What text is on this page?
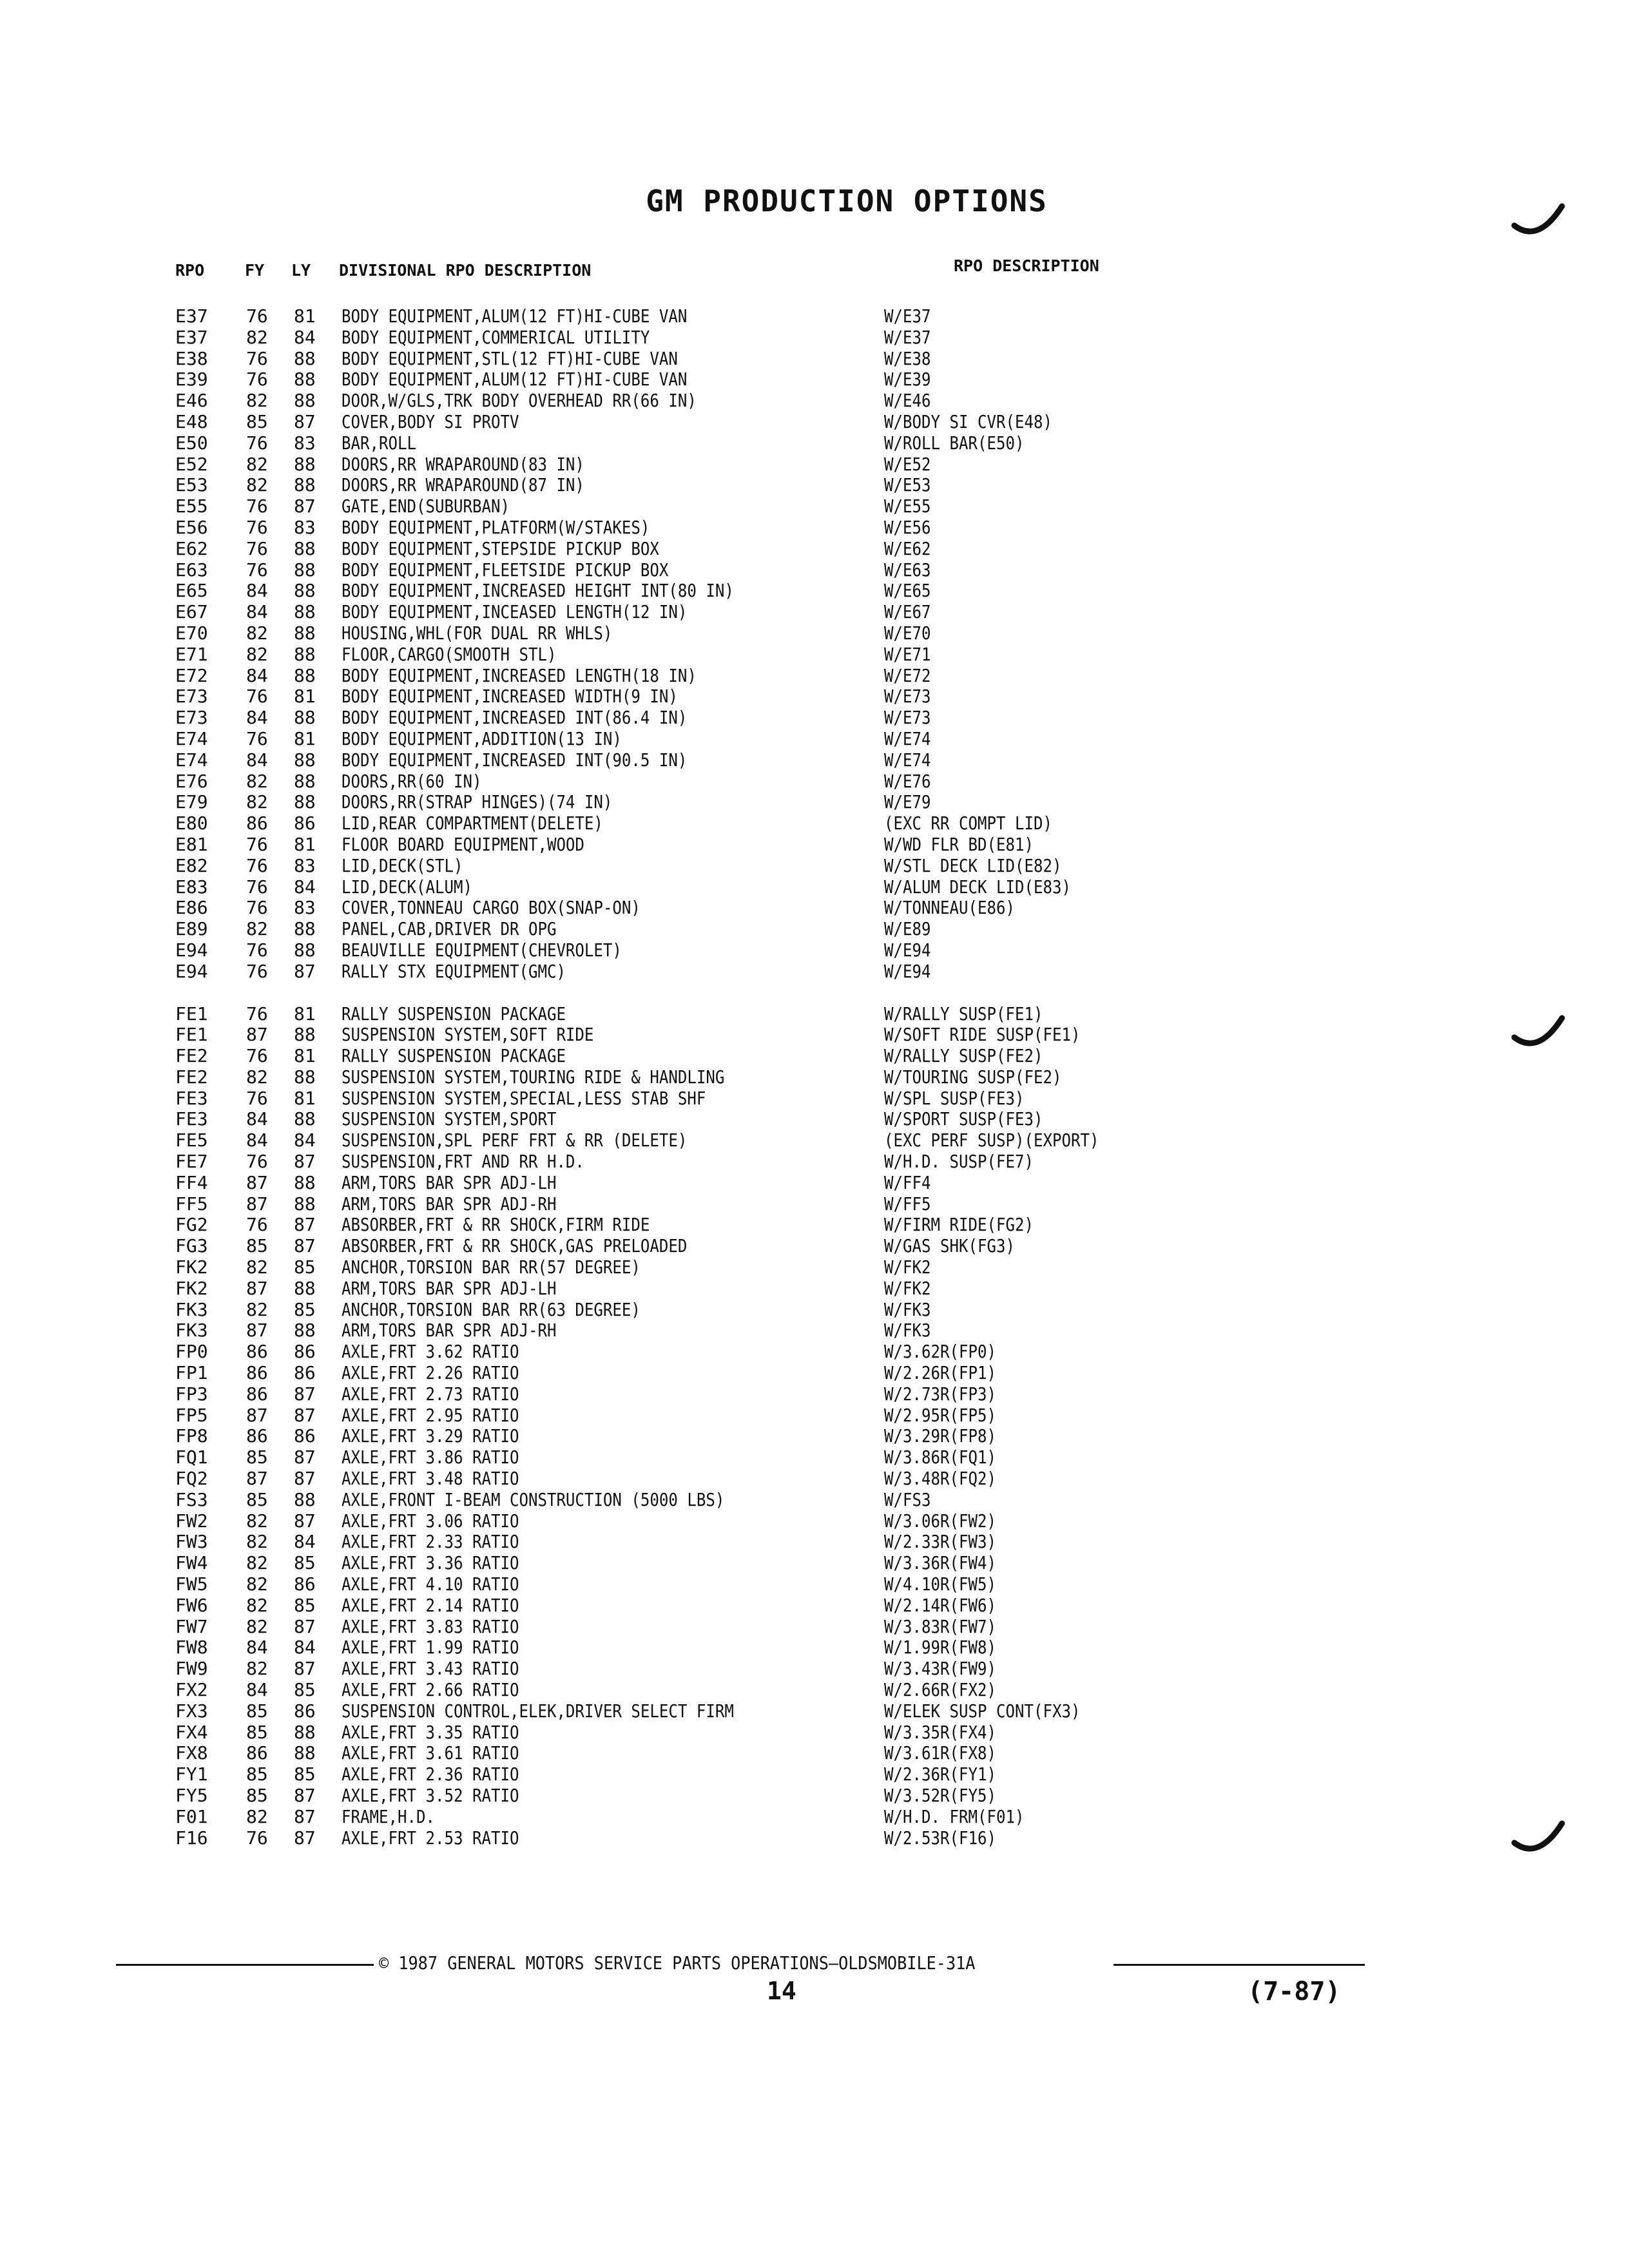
GM PRODUCTION OPTIONS
RPO	FY LY DIVISIONAL RPO DESCRIPTION	RPO DESCRIPTION
E37 76 81 BODY EQUIPMENT,ALUM(12 FT)HI-CUBE VAN	W/E37
E37 82 84 BODY EQUIPMENT,COMMERICAL UTILITY	W/E37
E38 76 88 BODY EQUIPMENT,STL(12 FT)HI-CUBE VAN	W/E38
E39 76 88 BODY EQUIPMENT,ALUM(12 FT)HI-CUBE VAN	W/E39
E46 82 88 DOOR,W/GLS,TRK BODY OVERHEAD RR(66 IN)	W/E46
E48 85 87 COVER,BODY SI PROTV	W/BODY SI CVR(E48)
E50 76 83 BAR,ROLL	W/ROLL BAR(E50)
E52 82 88 DOORS,RR WRAPAROUND(83 IN)	W/E52
E53 82 88 DOORS,RR WRAPAROUND(87 IN)	W/E53
E55 76 87 GATE,END(SUBURBAN)	W/E55
E56 76 83 BODY EQUIPMENT,PLATFORM(W/STAKES)	W/E56
E62 76 88 BODY EQUIPMENT,STEPSIDE PICKUP BOX	W/E62
E63 76 88 BODY EQUIPMENT,FLEETSIDE PICKUP BOX	W/E63
E65 84 88 BODY EQUIPMENT,INCREASED HEIGHT INT(80 IN)	W/E65
E67 84 88 BODY EQUIPMENT,INCEASED LENGTH(12 IN)	W/E67
E70 82 88 HOUSING,WHL(FOR DUAL RR WHLS)	W/E70
E71 82 88 FLOOR,CARGO(SMOOTH STL)	W/E71
E72 84 88 BODY EQUIPMENT,INCREASED LENGTH(18 IN)	W/E72
E73 76 81 BODY EQUIPMENT,INCREASED WIDTH(9 IN)	W/E73
E73 84 88 BODY EQUIPMENT,INCREASED INT(86.4 IN)	W/E73
E74 76 81 BODY EQUIPMENT,ADDITION(13 IN)	W/E74
E74 84 88 BODY EQUIPMENT,INCREASED INT(90.5 IN)	W/E74
E76 82 88 DOORS,RR(60 IN)	W/E76
E79 82 88 DOORS,RR(STRAP HINGES)(74 IN)	W/E79
E80 86 86 LID,REAR COMPARTMENT(DELETE)	(EXC RR COMPT LID)
E81 76 81 FLOOR BOARD EQUIPMENT,WOOD	W/WD FLR BD(E81)
E82 76 83 LID,DECK(STL)	W/STL DECK LID(E82)
E83 76 84 LID,DECK(ALUM)	W/ALUM DECK LID(E83)
E86 76 83 COVER,TONNEAU CARGO BOX(SNAP-ON)	W/TONNEAU(E86)
E89 82 88 PANEL,CAB,DRIVER DR OPG	W/E89
E94 76 88 BEAUVILLE EQUIPMENT(CHEVROLET)	W/E94
E94 76 87 RALLY STX EQUIPMENT(GMC)	W/E94
FE1 76 81 RALLY SUSPENSION PACKAGE	W/RALLY SUSP(FE1)
FE1 87 88 SUSPENSION SYSTEM,SOFT RIDE	W/SOFT RIDE SUSP(FE1)
FE2 76 81 RALLY SUSPENSION PACKAGE	W/RALLY SUSP(FE2)
FE2 82 88 SUSPENSION SYSTEM,TOURING RIDE & HANDLING	W/TOURING SUSP(FE2)
FE3 76 81 SUSPENSION SYSTEM,SPECIAL,LESS STAB SHF	W/SPL SUSP(FE3)
FE3 84 88 SUSPENSION SYSTEM,SPORT	W/SPORT SUSP(FE3)
FE5 84 84 SUSPENSION,SPL PERF FRT & RR (DELETE)	(EXC PERF SUSP)(EXPORT)
FE7 76 87 SUSPENSION,FRT AND RR H.D.	W/H.D. SUSP(FE7)
FF4 87 88 ARM,TORS BAR SPR ADJ-LH	W/FF4
FF5 87 88 ARM,TORS BAR SPR ADJ-RH	W/FF5
FG2 76 87 ABSORBER,FRT & RR SHOCK,FIRM RIDE	W/FIRM RIDE(FG2)
FG3 85 87 ABSORBER,FRT & RR SHOCK,GAS PRELOADED	W/GAS SHK(FG3)
FK2 82 85 ANCHOR,TORSION BAR RR(57 DEGREE)	W/FK2
FK2 87 88 ARM,TORS BAR SPR ADJ-LH	W/FK2
FK3 82 85 ANCHOR,TORSION BAR RR(63 DEGREE)	W/FK3
FK3 87 88 ARM,TORS BAR SPR ADJ-RH	W/FK3
FP0 86 86 AXLE,FRT 3.62 RATIO	W/3.62R(FP0)
FP1 86 86 AXLE,FRT 2.26 RATIO	W/2.26R(FP1)
FP3 86 87 AXLE,FRT 2.73 RATIO	W/2.73R(FP3)
FP5 87 87 AXLE,FRT 2.95 RATIO	W/2.95R(FP5)
FP8 86 86 AXLE,FRT 3.29 RATIO	W/3.29R(FP8)
FQ1 85 87 AXLE,FRT 3.86 RATIO	W/3.86R(FQ1)
FQ2 87 87 AXLE,FRT 3.48 RATIO	W/3.48R(FQ2)
FS3 85 88 AXLE,FRONT I-BEAM CONSTRUCTION (5000 LBS)	W/FS3
FW2 82 87 AXLE,FRT 3.06 RATIO	W/3.06R(FW2)
FW3 82 84 AXLE,FRT 2.33 RATIO	W/2.33R(FW3)
FW4 82 85 AXLE,FRT 3.36 RATIO	W/3.36R(FW4)
FW5 82 86 AXLE,FRT 4.10 RATIO	W/4.10R(FW5)
FW6 82 85 AXLE,FRT 2.14 RATIO	W/2.14R(FW6)
FW7 82 87 AXLE,FRT 3.83 RATIO	W/3.83R(FW7)
FW8 84 84 AXLE,FRT 1.99 RATIO	W/1.99R(FW8)
FW9 82 87 AXLE,FRT 3.43 RATIO	W/3.43R(FW9)
FX2 84 85 AXLE,FRT 2.66 RATIO	W/2.66R(FX2)
FX3 85 86 SUSPENSION CONTROL,ELEK,DRIVER SELECT FIRM	W/ELEK SUSP CONT(FX3)
FX4 85 88 AXLE,FRT 3.35 RATIO	W/3.35R(FX4)
FX8 86 88 AXLE,FRT 3.61 RATIO	W/3.61R(FX8)
FY1 85 85 AXLE,FRT 2.36 RATIO	W/2.36R(FY1)
FY5 85 87 AXLE,FRT 3.52 RATIO	W/3.52R(FY5)
F01 82 87 FRAME,H.D.	W/H.D. FRM(F01)
F16 76 87 AXLE,FRT 2.53 RATIO	W/2.53R(F16)
© 1987 GENERAL MOTORS SERVICE PARTS OPERATIONS—OLDSMOBILE-31A
14	(7-87)
